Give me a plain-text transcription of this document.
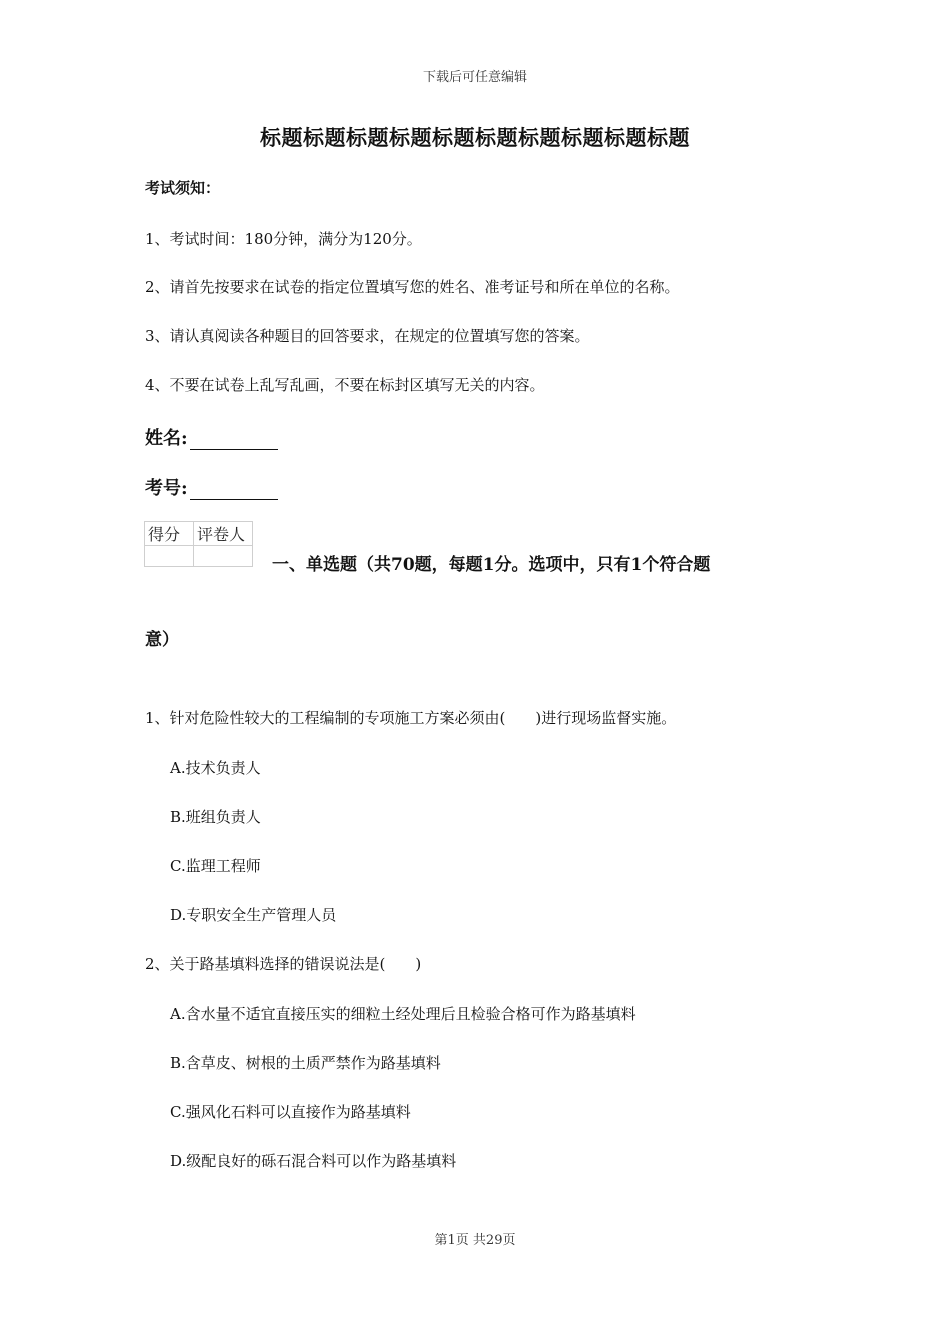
下载后可任意编辑
标题标题标题标题标题标题标题标题标题标题
考试须知：
1、考试时间：180分钟，满分为120分。
2、请首先按要求在试卷的指定位置填写您的姓名、准考证号和所在单位的名称。
3、请认真阅读各种题目的回答要求，在规定的位置填写您的答案。
4、不要在试卷上乱写乱画，不要在标封区填写无关的内容。
姓名:
考号:
得分	评卷人

一、单选题（共70题，每题1分。选项中，只有1个符合题
意）
1、针对危险性较大的工程编制的专项施工方案必须由(　　)进行现场监督实施。
A.技术负责人
B.班组负责人
C.监理工程师
D.专职安全生产管理人员
2、关于路基填料选择的错误说法是(　　)
A.含水量不适宜直接压实的细粒土经处理后且检验合格可作为路基填料
B.含草皮、树根的土质严禁作为路基填料
C.强风化石料可以直接作为路基填料
D.级配良好的砾石混合料可以作为路基填料
第1页 共29页
